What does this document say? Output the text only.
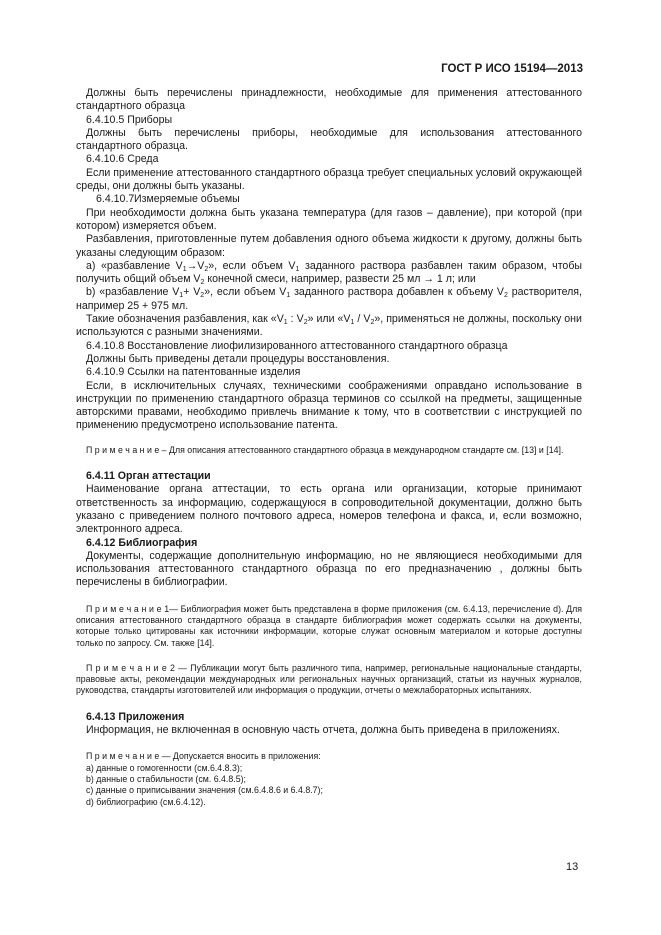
ГОСТ Р ИСО 15194—2013

Должны быть перечислены принадлежности, необходимые для применения аттестованного стандартного образца

6.4.10.5 Приборы

Должны быть перечислены приборы, необходимые для использования аттестованного стандартного образца.

6.4.10.6 Среда

Если применение аттестованного стандартного образца требует специальных условий окружающей среды, они должны быть указаны.

6.4.10.7Измеряемые объемы

При необходимости должна быть указана температура (для газов – давление), при которой (при котором) измеряется объем.

Разбавления, приготовленные путем добавления одного объема жидкости к другому, должны быть указаны следующим образом:

а) «разбавление $V_1\to V_2$», если объем $V_1$ заданного раствора разбавлен таким образом, чтобы получить общий объем $V_2$ конечной смеси, например, развести 25 мл → 1 л; или

b) «разбавление $V_1+ V_2$», если объем $V_1$ заданного раствора добавлен к объему $V_2$ растворителя, например 25 + 975 мл.

Такие обозначения разбавления, как «$V_1$ : $V_2$» или «$V_1 / V_2$», применяться не должны, поскольку они используются с разными значениями.

6.4.10.8 Восстановление лиофилизированного аттестованного стандартного образца

Должны быть приведены детали процедуры восстановления.

6.4.10.9 Ссылки на патентованные изделия

Если, в исключительных случаях, техническими соображениями оправдано использование в инструкции по применению стандартного образца терминов со ссылкой на предметы, защищенные авторскими правами, необходимо привлечь внимание к тому, что в соответствии с инструкцией по применению предусмотрено использование патента.

П р и м е ч а н и е – Для описания аттестованного стандартного образца в международном стандарте см. [13] и [14].

6.4.11 Орган аттестации

Наименование органа аттестации, то есть органа или организации, которые принимают ответственность за информацию, содержащуюся в сопроводительной документации, должно быть указано с приведением полного почтового адреса, номеров телефона и факса, и, если возможно, электронного адреса.

6.4.12 Библиография

Документы, содержащие дополнительную информацию, но не являющиеся необходимыми для использования аттестованного стандартного образца по его предназначению , должны быть перечислены в библиографии.

П р и м е ч а н и е 1— Библиография может быть представлена в форме приложения (см. 6.4.13, перечисление d). Для описания аттестованного стандартного образца в стандарте библиография может содержать ссылки на документы, которые только цитированы как источники информации, которые служат основным материалом и которые доступны только по запросу. См. также [14].

П р и м е ч а н и е 2 — Публикации могут быть различного типа, например, региональные национальные стандарты, правовые акты, рекомендации международных или региональных научных организаций, статьи из научных журналов, руководства, стандарты изготовителей или информация о продукции, отчеты о межлабораторных испытаниях.

6.4.13 Приложения

Информация, не включенная в основную часть отчета, должна быть приведена в приложениях.

П р и м е ч а н и е — Допускается вносить в приложения:

а) данные о гомогенности (см.6.4.8.3);

b) данные о стабильности (см. 6.4.8.5);

c) данные о приписывании значения (см.6.4.8.6 и 6.4.8.7);

d) библиографию (см.6.4.12).

13
